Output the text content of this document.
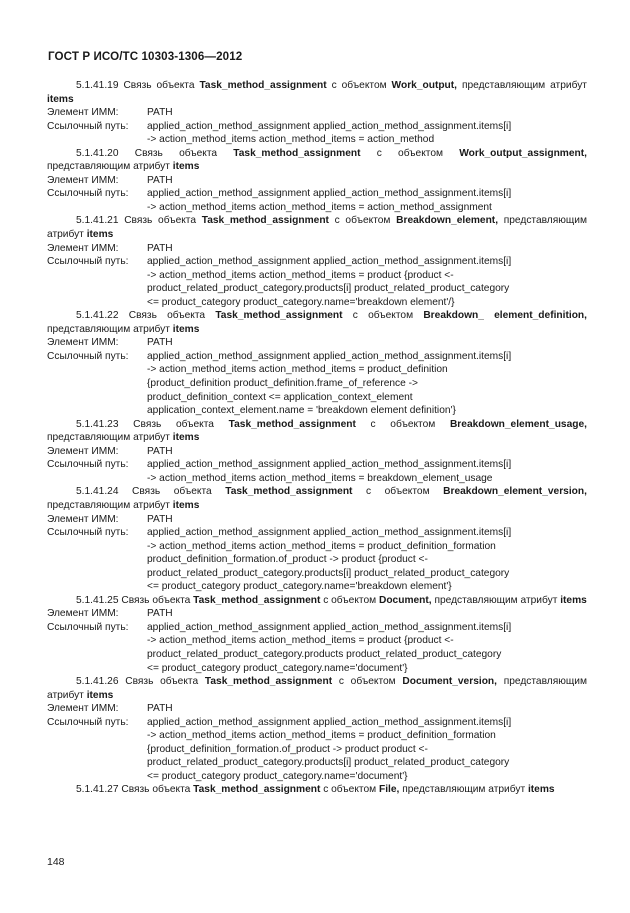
ГОСТ Р ИСО/ТС 10303-1306—2012
5.1.41.19 Связь объекта Task_method_assignment с объектом Work_output, представляющим атрибут items
Элемент ИММ:	PATH
Ссылочный путь:	applied_action_method_assignment applied_action_method_assignment.items[i]
-> action_method_items action_method_items = action_method
5.1.41.20 Связь объекта Task_method_assignment с объектом Work_output_assignment, представляющим атрибут items
Элемент ИММ:	PATH
Ссылочный путь:	applied_action_method_assignment applied_action_method_assignment.items[i]
-> action_method_items action_method_items = action_method_assignment
5.1.41.21 Связь объекта Task_method_assignment с объектом Breakdown_element, представляющим атрибут items
Элемент ИММ:	PATH
Ссылочный путь:	applied_action_method_assignment applied_action_method_assignment.items[i]
-> action_method_items action_method_items = product {product <-
product_related_product_category.products[i] product_related_product_category
<= product_category product_category.name='breakdown element'/}
5.1.41.22 Связь объекта Task_method_assignment с объектом Breakdown_ element_definition, представляющим атрибут items
Элемент ИММ:	PATH
Ссылочный путь:	applied_action_method_assignment applied_action_method_assignment.items[i]
-> action_method_items action_method_items = product_definition
{product_definition product_definition.frame_of_reference ->
product_definition_context <= application_context_element
application_context_element.name = 'breakdown element definition'}
5.1.41.23 Связь объекта Task_method_assignment с объектом Breakdown_element_usage, представляющим атрибут items
Элемент ИММ:	PATH
Ссылочный путь:	applied_action_method_assignment applied_action_method_assignment.items[i]
-> action_method_items action_method_items = breakdown_element_usage
5.1.41.24 Связь объекта Task_method_assignment с объектом Breakdown_element_version, представляющим атрибут items
Элемент ИММ:	PATH
Ссылочный путь:	applied_action_method_assignment applied_action_method_assignment.items[i]
-> action_method_items action_method_items = product_definition_formation
product_definition_formation.of_product -> product {product <-
product_related_product_category.products[i] product_related_product_category
<= product_category product_category.name='breakdown element'}
5.1.41.25 Связь объекта Task_method_assignment с объектом Document, представляющим атрибут items
Элемент ИММ:	PATH
Ссылочный путь:	applied_action_method_assignment applied_action_method_assignment.items[i]
-> action_method_items action_method_items = product {product <-
product_related_product_category.products product_related_product_category
<= product_category product_category.name='document'}
5.1.41.26 Связь объекта Task_method_assignment с объектом Document_version, представляющим атрибут items
Элемент ИММ:	PATH
Ссылочный путь:	applied_action_method_assignment applied_action_method_assignment.items[i]
-> action_method_items action_method_items = product_definition_formation
{product_definition_formation.of_product -> product product <-
product_related_product_category.products[i] product_related_product_category
<= product_category product_category.name='document'}
5.1.41.27 Связь объекта Task_method_assignment с объектом File, представляющим атрибут items
148
